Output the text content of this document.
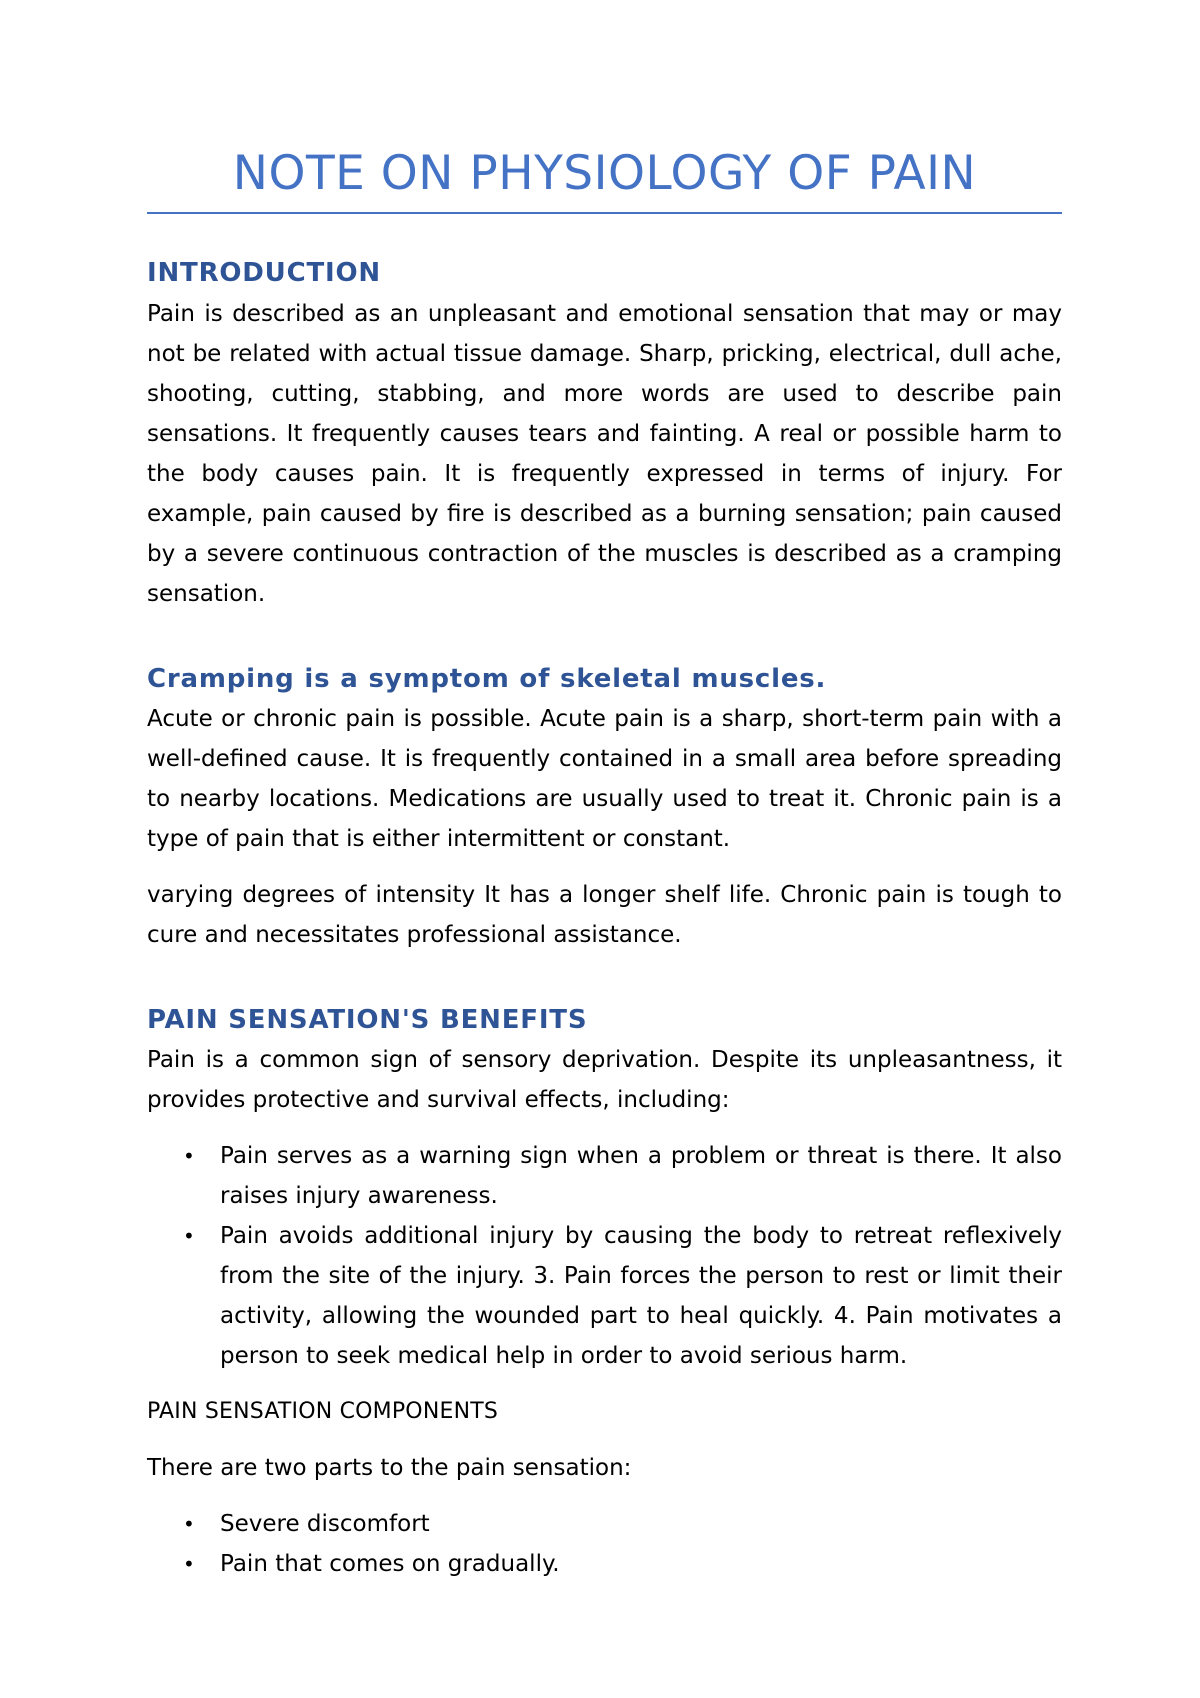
NOTE ON PHYSIOLOGY OF PAIN
INTRODUCTION

Pain is described as an unpleasant and emotional sensation that may or may not be related with actual tissue damage. Sharp, pricking, electrical, dull ache, shooting, cutting, stabbing, and more words are used to describe pain sensations. It frequently causes tears and fainting. A real or possible harm to the body causes pain. It is frequently expressed in terms of injury. For example, pain caused by fire is described as a burning sensation; pain caused by a severe continuous contraction of the muscles is described as a cramping sensation.

Cramping is a symptom of skeletal muscles.

Acute or chronic pain is possible. Acute pain is a sharp, short-term pain with a well-defined cause. It is frequently contained in a small area before spreading to nearby locations. Medications are usually used to treat it. Chronic pain is a type of pain that is either intermittent or constant.

varying degrees of intensity It has a longer shelf life. Chronic pain is tough to cure and necessitates professional assistance.

PAIN SENSATION'S BENEFITS

Pain is a common sign of sensory deprivation. Despite its unpleasantness, it provides protective and survival effects, including:

• Pain serves as a warning sign when a problem or threat is there. It also raises injury awareness.
• Pain avoids additional injury by causing the body to retreat reflexively from the site of the injury. 3. Pain forces the person to rest or limit their activity, allowing the wounded part to heal quickly. 4. Pain motivates a person to seek medical help in order to avoid serious harm.
PAIN SENSATION COMPONENTS

There are two parts to the pain sensation:

• Severe discomfort
• Pain that comes on gradually.
